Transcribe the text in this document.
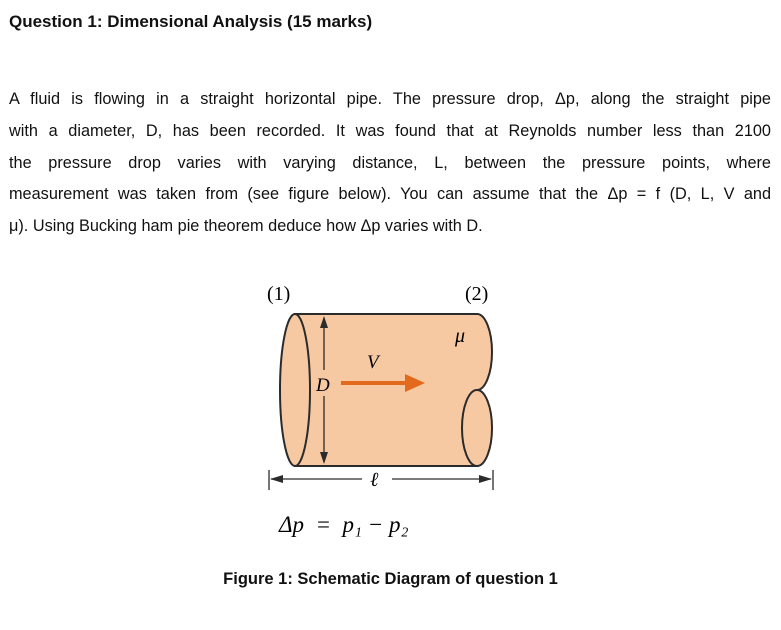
Question 1: Dimensional Analysis (15 marks)
A fluid is flowing in a straight horizontal pipe. The pressure drop, Δp, along the straight pipe
with a diameter, D, has been recorded. It was found that at Reynolds number less than 2100
the pressure drop varies with varying distance, L, between the pressure points, where
measurement was taken from (see figure below). You can assume that the Δp = f (D, L, V and
μ). Using Bucking ham pie theorem deduce how Δp varies with D.
(1)	(2)
μ
D
V
ℓ
Δp  =  p₁ − p₂
Figure 1: Schematic Diagram of question 1
